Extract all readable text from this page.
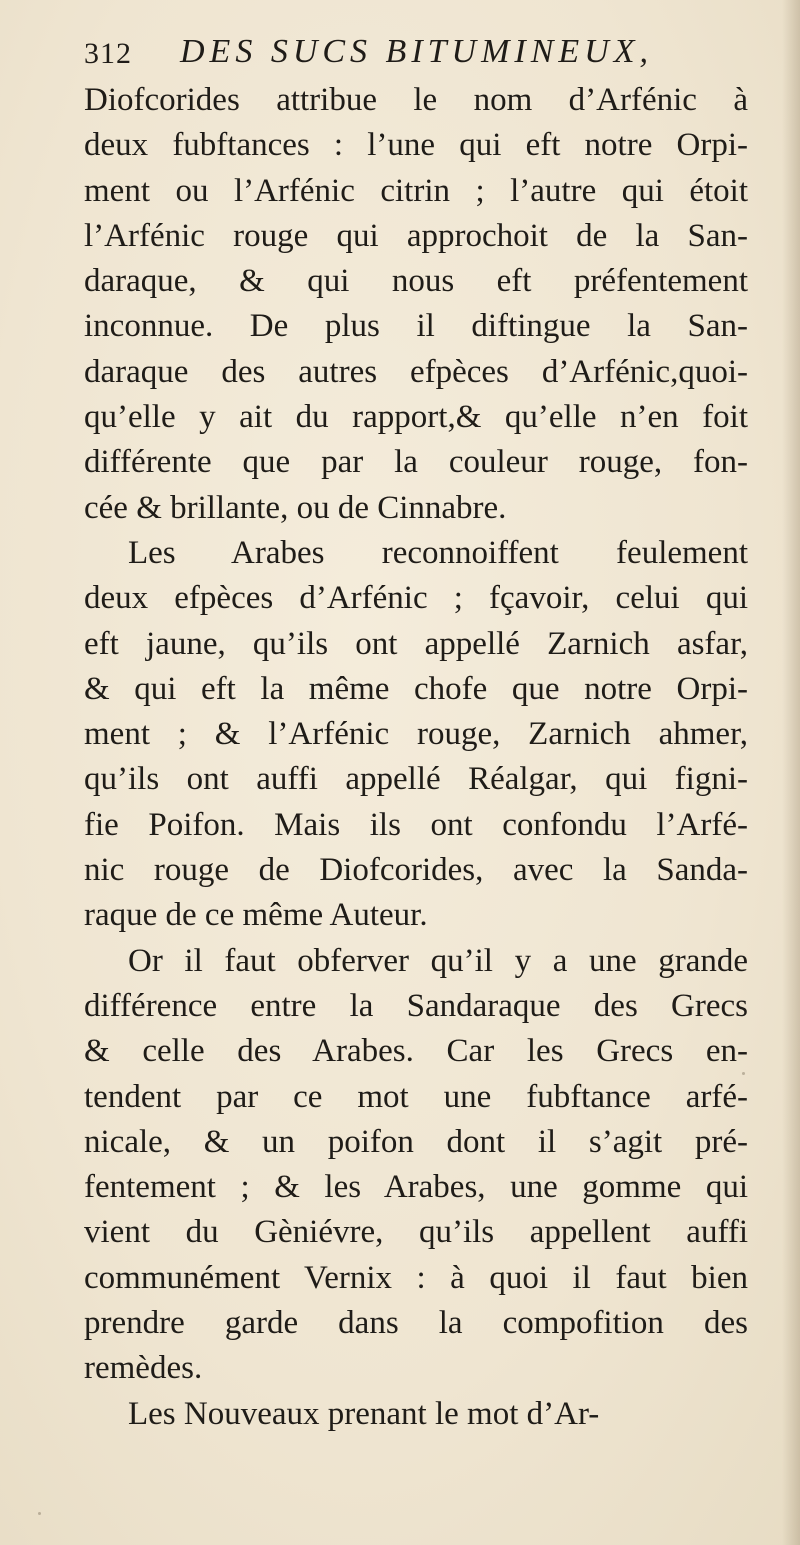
312 DES SUCS BITUMINEUX,
Diofcorides attribue le nom d’Arfénic à
deux fubftances : l’une qui eft notre Orpi-
ment ou l’Arfénic citrin ; l’autre qui étoit
l’Arfénic rouge qui approchoit de la San-
daraque, & qui nous eft préfentement
inconnue. De plus il diftingue la San-
daraque des autres efpèces d’Arfénic,quoi-
qu’elle y ait du rapport,& qu’elle n’en foit
différente que par la couleur rouge, fon-
cée & brillante, ou de Cinnabre.
Les Arabes reconnoiffent feulement
deux efpèces d’Arfénic ; fçavoir, celui qui
eft jaune, qu’ils ont appellé Zarnich asfar,
& qui eft la même chofe que notre Orpi-
ment ; & l’Arfénic rouge, Zarnich ahmer,
qu’ils ont auffi appellé Réalgar, qui figni-
fie Poifon. Mais ils ont confondu l’Arfé-
nic rouge de Diofcorides, avec la Sanda-
raque de ce même Auteur.
Or il faut obferver qu’il y a une grande
différence entre la Sandaraque des Grecs
& celle des Arabes. Car les Grecs en-
tendent par ce mot une fubftance arfé-
nicale, & un poifon dont il s’agit pré-
fentement ; & les Arabes, une gomme qui
vient du Gèniévre, qu’ils appellent auffi
communément Vernix : à quoi il faut bien
prendre garde dans la compofition des
remèdes.
Les Nouveaux prenant le mot d’Ar-
